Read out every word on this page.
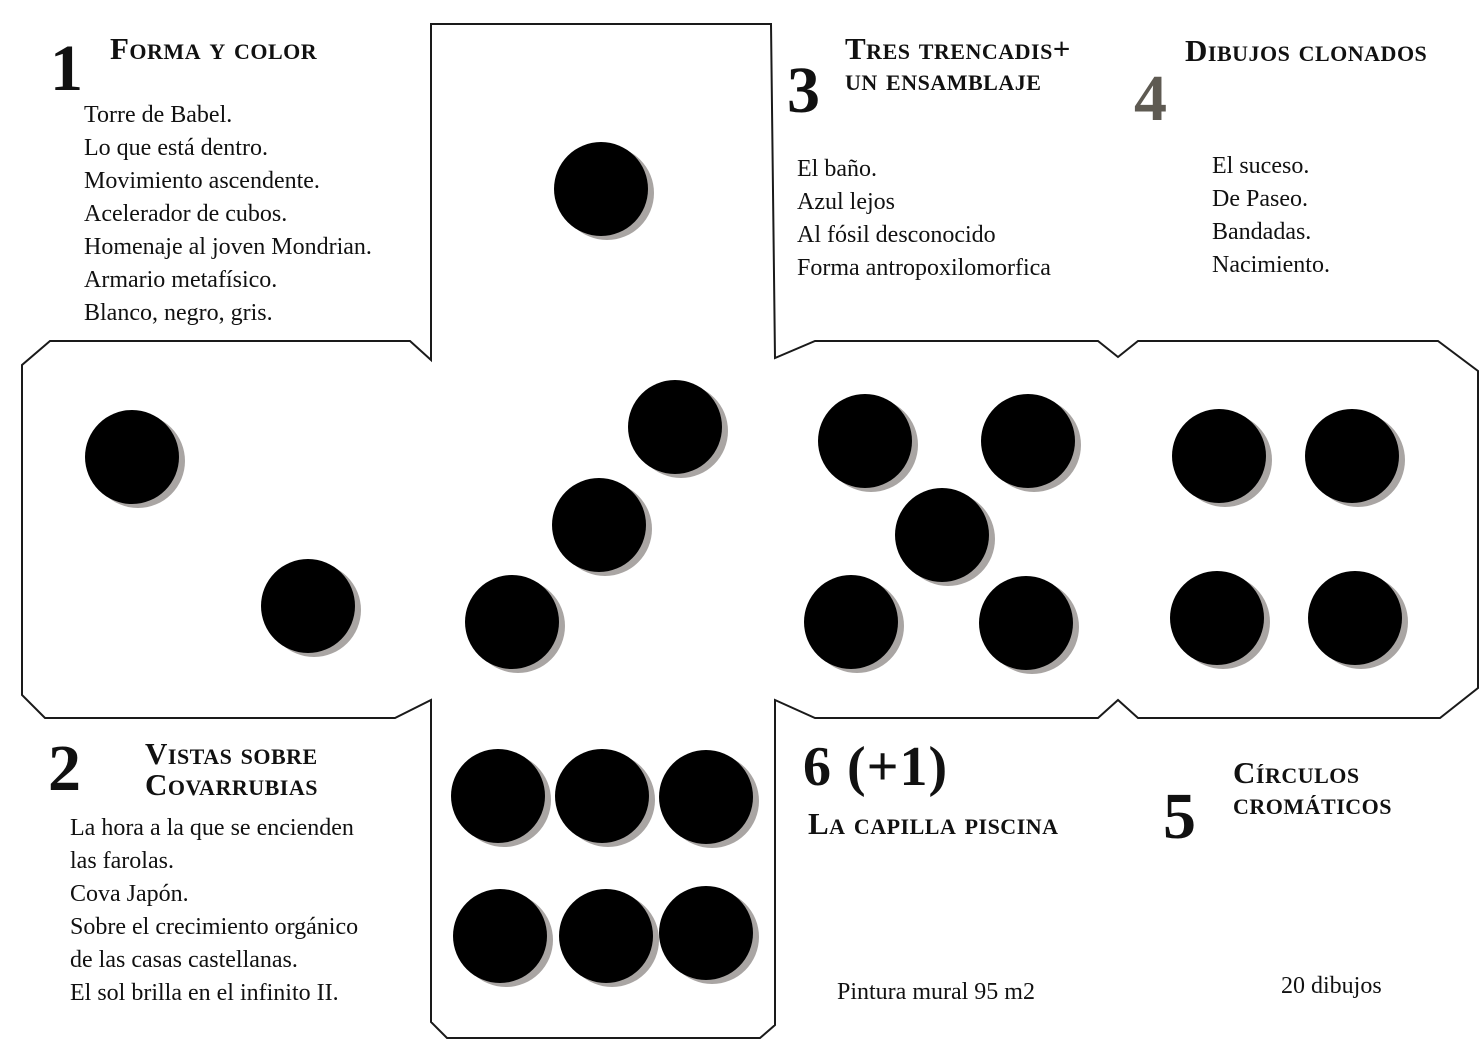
1 Forma y color
Torre de Babel.
Lo que está dentro.
Movimiento ascendente.
Acelerador de cubos.
Homenaje al joven Mondrian.
Armario metafísico.
Blanco, negro, gris.
3
Tres trencadis+
un ensamblaje
El baño.
Azul lejos
Al fósil desconocido
Forma antropoxilomorfica
4
Dibujos clonados
El suceso.
De Paseo.
Bandadas.
Nacimiento.
2 Vistas sobre
Covarrubias
La hora a la que se encienden
las farolas.
Cova Japón.
Sobre el crecimiento orgánico
de las casas castellanas.
El sol brilla en el infinito II.
6 (+1)
La capilla piscina
Pintura mural 95 m2
5
Círculos
cromáticos
20 dibujos
